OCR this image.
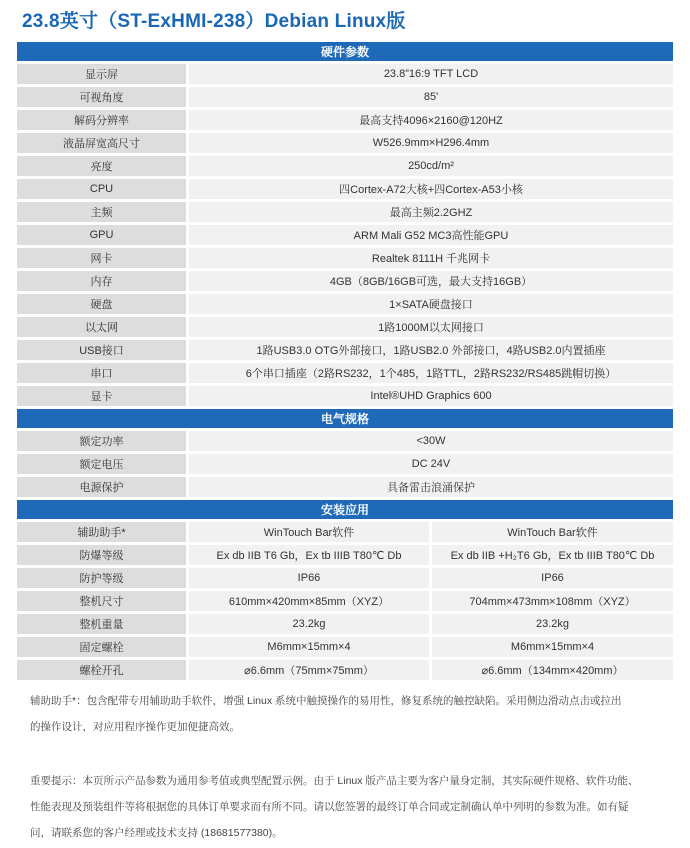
23.8英寸（ST-ExHMI-238）Debian Linux版
硬件参数		
显示屏	23.8”16:9 TFT LCD	
可视角度	85'	
解码分辨率	最高支持4096×2160@120HZ	
液晶屏宽高尺寸	W526.9mm×H296.4mm	
亮度	250cd/m²	
CPU	四Cortex-A72大核+四Cortex-A53小核	
主频	最高主频2.2GHZ	
GPU	ARM Mali G52 MC3高性能GPU	
网卡	Realtek 8111H 千兆网卡	
内存	4GB（8GB/16GB可选，最大支持16GB）	
硬盘	1×SATA硬盘接口	
以太网	1路1000M以太网接口	
USB接口	1路USB3.0 OTG外部接口，1路USB2.0 外部接口，4路USB2.0内置插座	
串口	6个串口插座（2路RS232，1个485，1路TTL，2路RS232/RS485跳帽切换）	
显卡	Intel®UHD Graphics 600	
电气规格		
额定功率	<30W	
额定电压	DC 24V	
电源保护	具备雷击浪涌保护	
安装应用		
辅助助手*	WinTouch Bar软件	WinTouch Bar软件
防爆等级	Ex db IIB T6 Gb，Ex tb IIIB T80℃ Db	Ex db IIB +H₂T6 Gb，Ex tb IIIB T80℃ Db
防护等级	IP66	IP66
整机尺寸	610mm×420mm×85mm（XYZ）	704mm×473mm×108mm（XYZ）
整机重量	23.2kg	23.2kg
固定螺栓	M6mm×15mm×4	M6mm×15mm×4
螺栓开孔	⌀6.6mm（75mm×75mm）	⌀6.6mm（134mm×420mm）
辅助助手*：包含配带专用辅助助手软件，增强 Linux 系统中触摸操作的易用性，修复系统的触控缺陷。采用侧边滑动点击或拉出
的操作设计，对应用程序操作更加便捷高效。
重要提示：本页所示产品参数为通用参考值或典型配置示例。由于 Linux 版产品主要为客户量身定制，其实际硬件规格、软件功能、
性能表现及预装组件等将根据您的具体订单要求而有所不同。请以您签署的最终订单合同或定制确认单中列明的参数为准。如有疑
问，请联系您的客户经理或技术支持 (18681577380)。
